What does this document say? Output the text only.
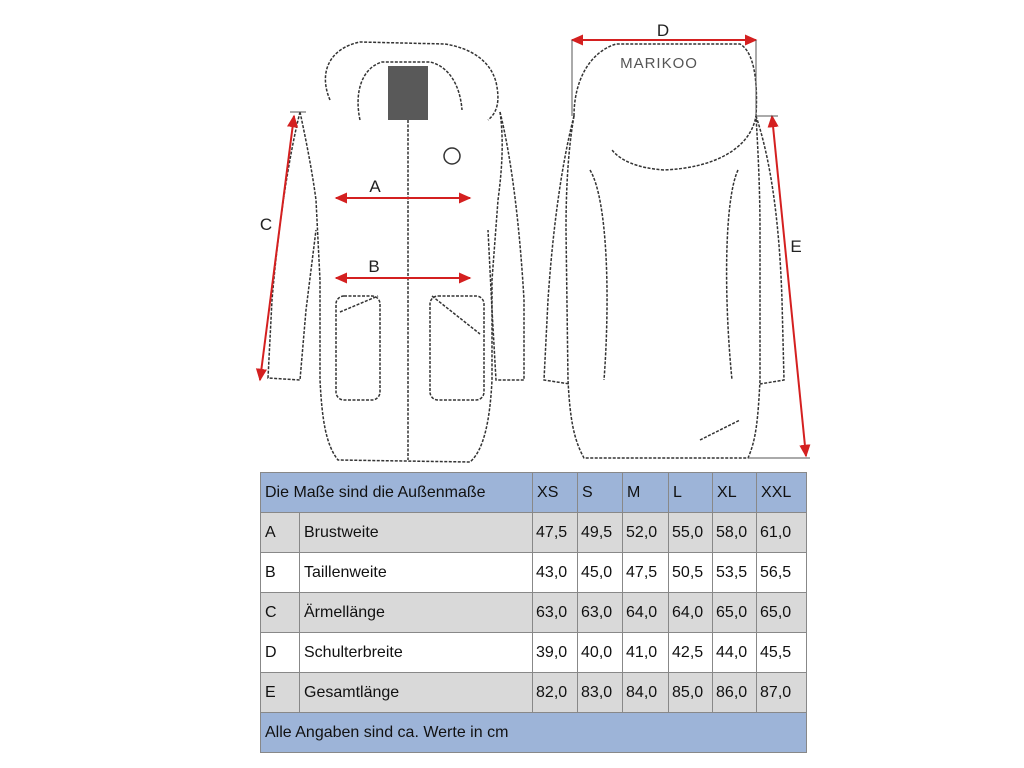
MARIKOO
A
B
C
D
E
Die Maße sind die Außenmaße		XS	S	M	L	XL	XXL
A	Brustweite	47,5	49,5	52,0	55,0	58,0	61,0
B	Taillenweite	43,0	45,0	47,5	50,5	53,5	56,5
C	Ärmellänge	63,0	63,0	64,0	64,0	65,0	65,0
D	Schulterbreite	39,0	40,0	41,0	42,5	44,0	45,5
E	Gesamtlänge	82,0	83,0	84,0	85,0	86,0	87,0
Alle Angaben sind ca. Werte in cm							
